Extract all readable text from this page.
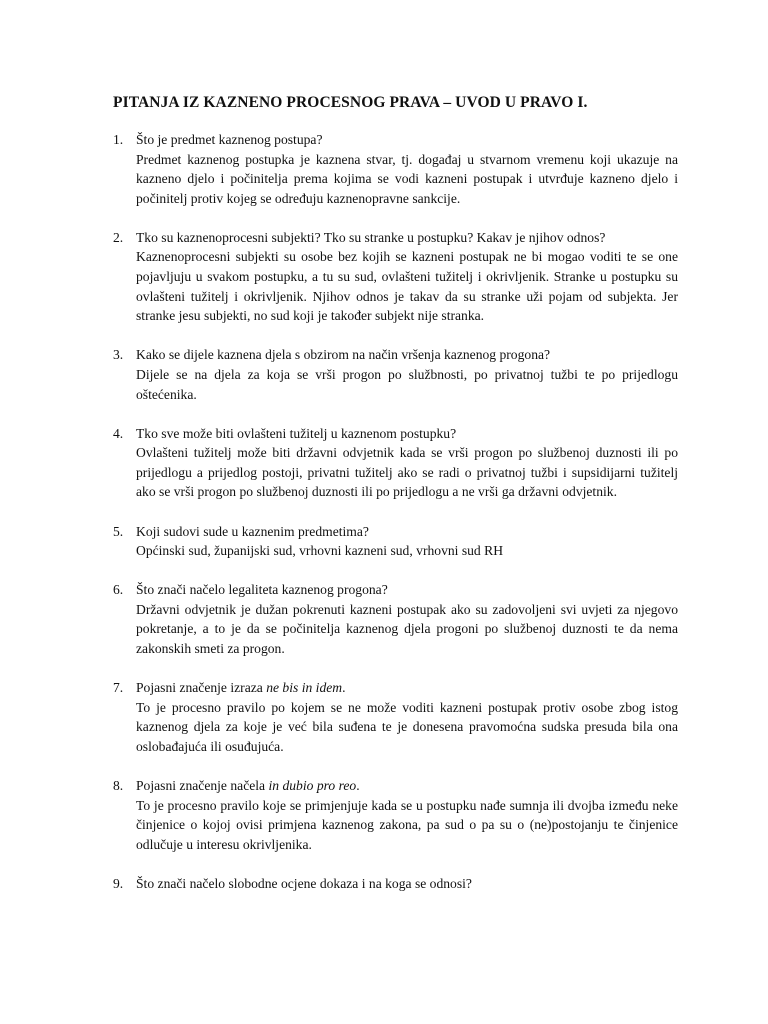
PITANJA IZ KAZNENO PROCESNOG PRAVA – UVOD U PRAVO I.
1. Što je predmet kaznenog postupa?
Predmet kaznenog postupka je kaznena stvar, tj. događaj u stvarnom vremenu koji ukazuje na kazneno djelo i počinitelja prema kojima se vodi kazneni postupak i utvrđuje kazneno djelo i počinitelj protiv kojeg se određuju kaznenopravne sankcije.
2. Tko su kaznenoprocesni subjekti? Tko su stranke u postupku? Kakav je njihov odnos?
Kaznenoprocesni subjekti su osobe bez kojih se kazneni postupak ne bi mogao voditi te se one pojavljuju u svakom postupku, a tu su sud, ovlašteni tužitelj i okrivljenik. Stranke u postupku su ovlašteni tužitelj i okrivljenik. Njihov odnos je takav da su stranke uži pojam od subjekta. Jer stranke jesu subjekti, no sud koji je također subjekt nije stranka.
3. Kako se dijele kaznena djela s obzirom na način vršenja kaznenog progona?
Dijele se na djela za koja se vrši progon po službnosti, po privatnoj tužbi te po prijedlogu oštećenika.
4. Tko sve može biti ovlašteni tužitelj u kaznenom postupku?
Ovlašteni tužitelj može biti državni odvjetnik kada se vrši progon po službenoj duznosti ili po prijedlogu a prijedlog postoji, privatni tužitelj ako se radi o privatnoj tužbi i supsidijarni tužitelj ako se vrši progon po službenoj duznosti ili po prijedlogu a ne vrši ga državni odvjetnik.
5. Koji sudovi sude u kaznenim predmetima?
Općinski sud, županijski sud, vrhovni kazneni sud, vrhovni sud RH
6. Što znači načelo legaliteta kaznenog progona?
Državni odvjetnik je dužan pokrenuti kazneni postupak ako su zadovoljeni svi uvjeti za njegovo pokretanje, a to je da se počinitelja kaznenog djela progoni po službenoj duznosti te da nema zakonskih smeti za progon.
7. Pojasni značenje izraza ne bis in idem.
To je procesno pravilo po kojem se ne može voditi kazneni postupak protiv osobe zbog istog kaznenog djela za koje je već bila suđena te je donesena pravomoćna sudska presuda bila ona oslobađajuća ili osuđujuća.
8. Pojasni značenje načela in dubio pro reo.
To je procesno pravilo koje se primjenjuje kada se u postupku nađe sumnja ili dvojba između neke činjenice o kojoj ovisi primjena kaznenog zakona, pa sud o pa su o (ne)postojanju te činjenice odlučuje u interesu okrivljenika.
9. Što znači načelo slobodne ocjene dokaza i na koga se odnosi?
